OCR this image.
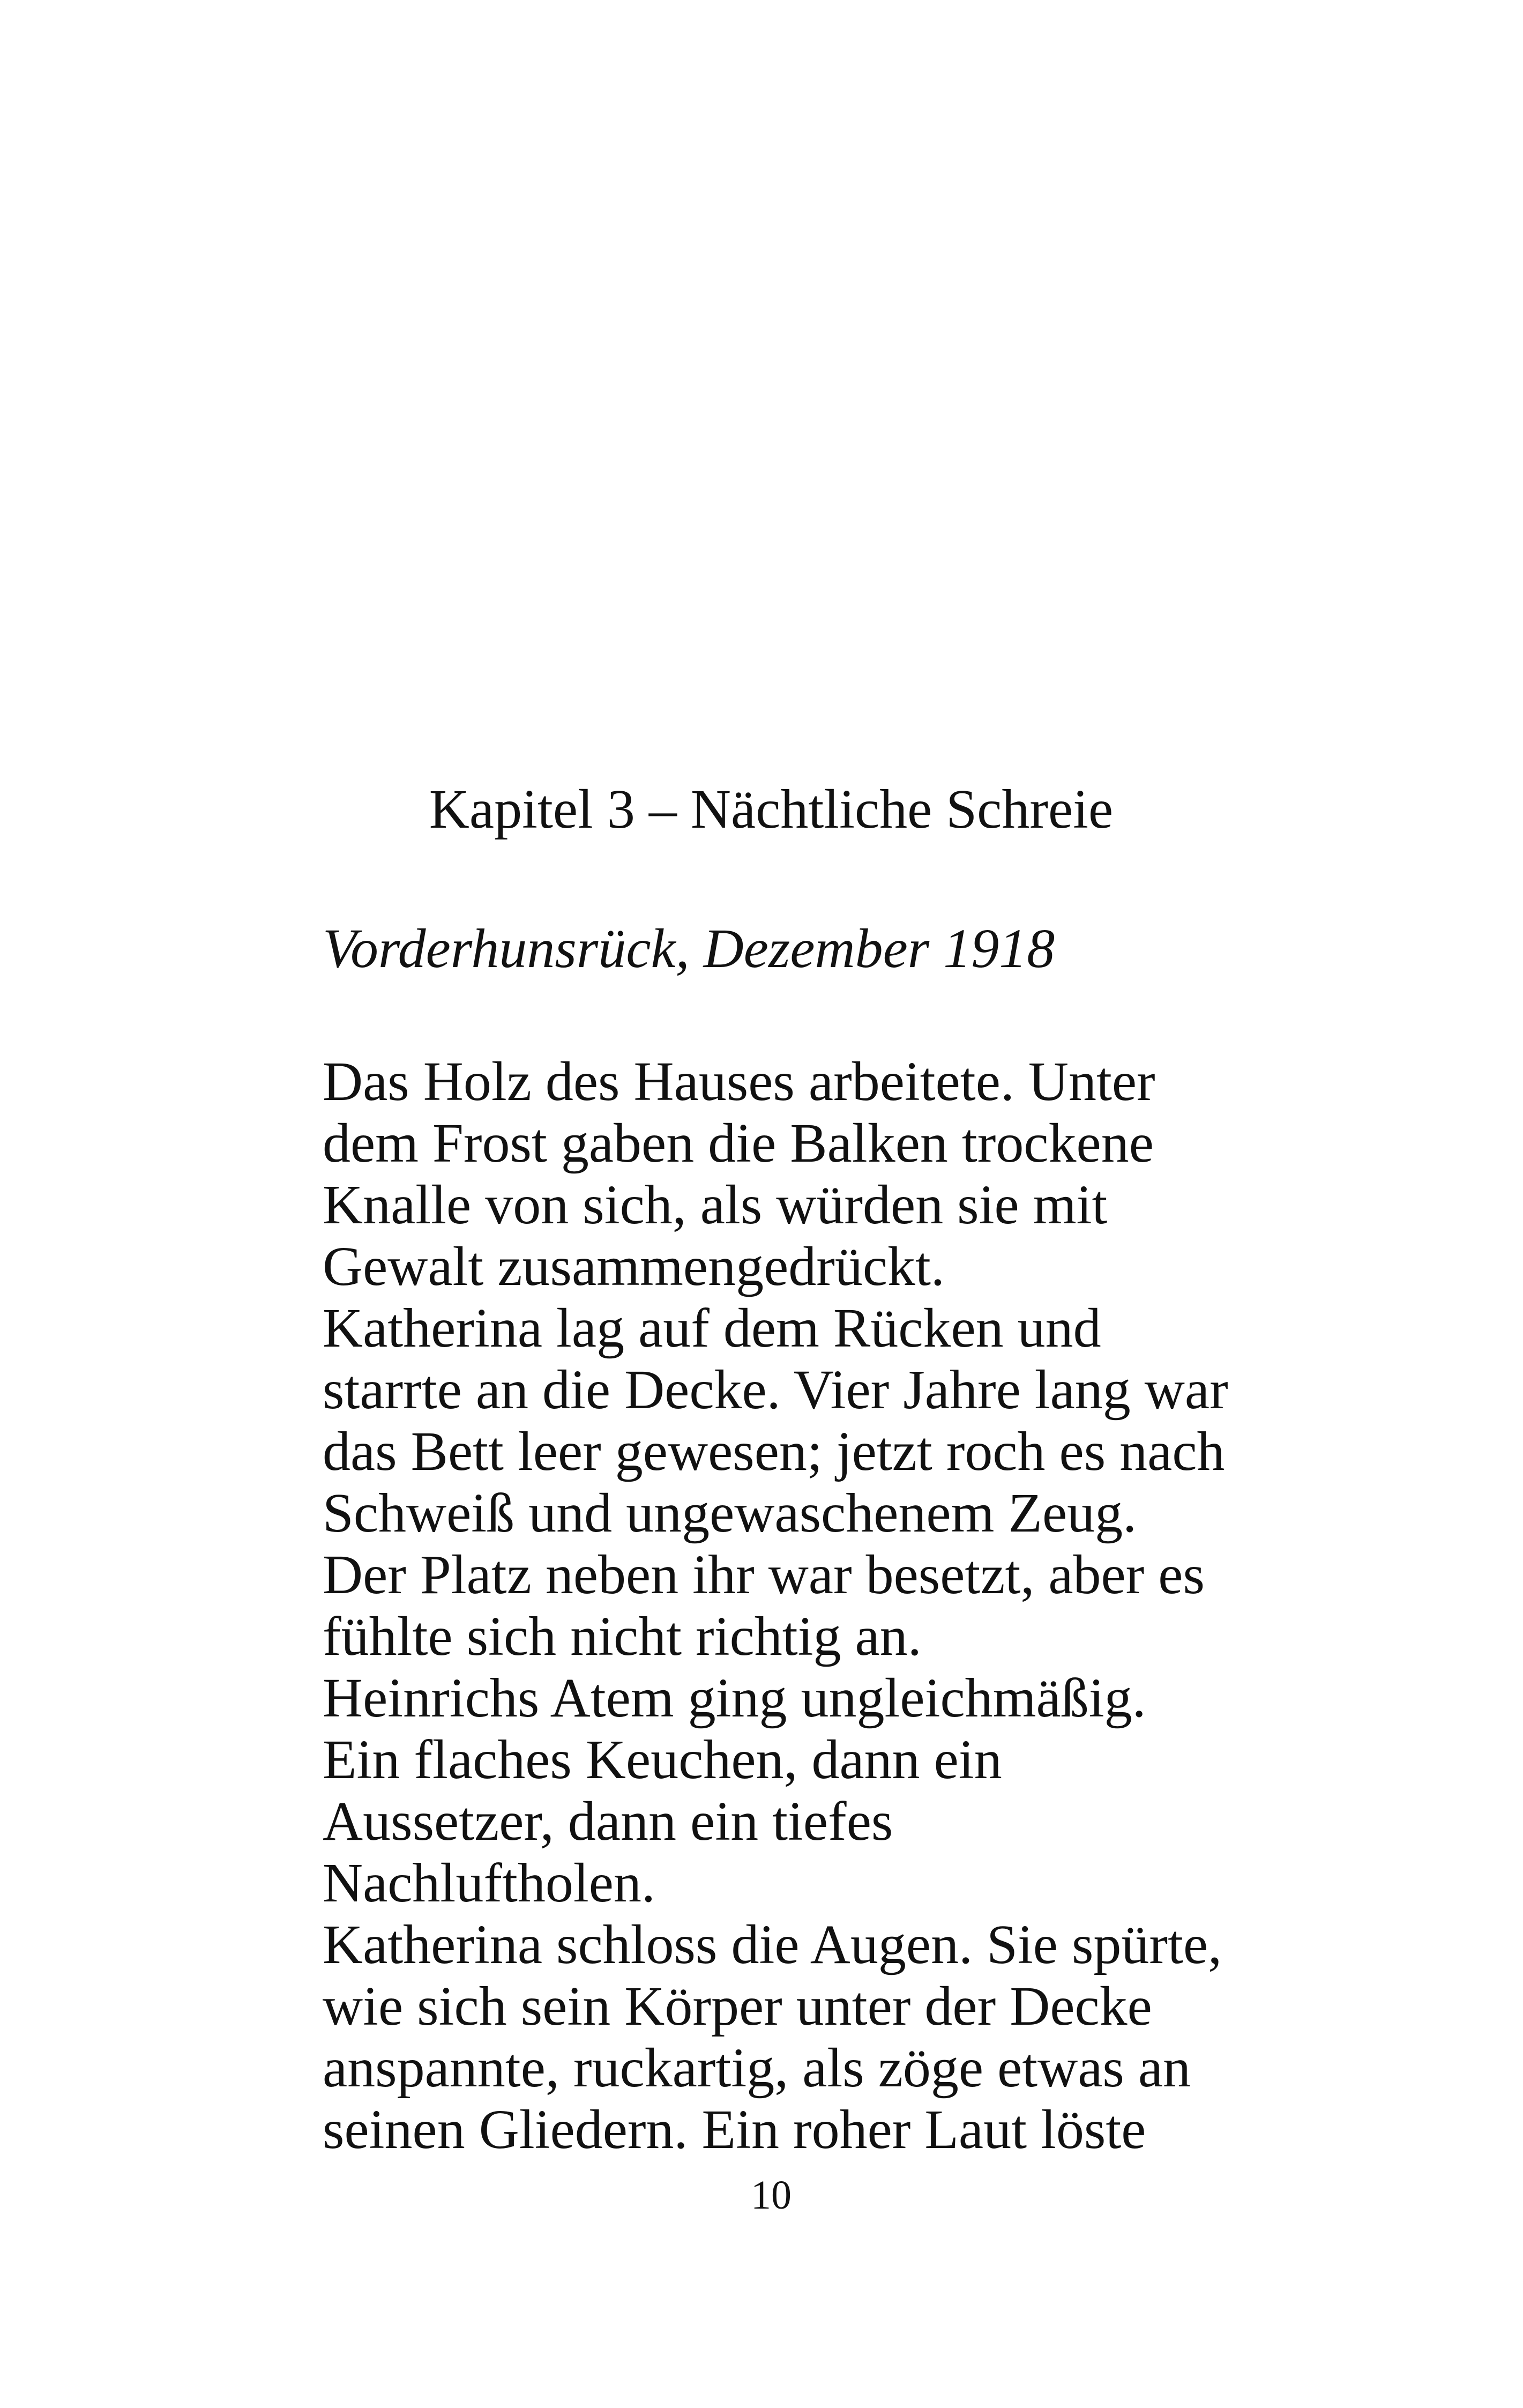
Kapitel 3 – Nächtliche Schreie

Vorderhunsrück, Dezember 1918

Das Holz des Hauses arbeitete. Unter
dem Frost gaben die Balken trockene
Knalle von sich, als würden sie mit
Gewalt zusammengedrückt.
Katherina lag auf dem Rücken und
starrte an die Decke. Vier Jahre lang war
das Bett leer gewesen; jetzt roch es nach
Schweiß und ungewaschenem Zeug.
Der Platz neben ihr war besetzt, aber es
fühlte sich nicht richtig an.
Heinrichs Atem ging ungleichmäßig.
Ein flaches Keuchen, dann ein
Aussetzer, dann ein tiefes
Nachluftholen.
Katherina schloss die Augen. Sie spürte,
wie sich sein Körper unter der Decke
anspannte, ruckartig, als zöge etwas an
seinen Gliedern. Ein roher Laut löste
10
